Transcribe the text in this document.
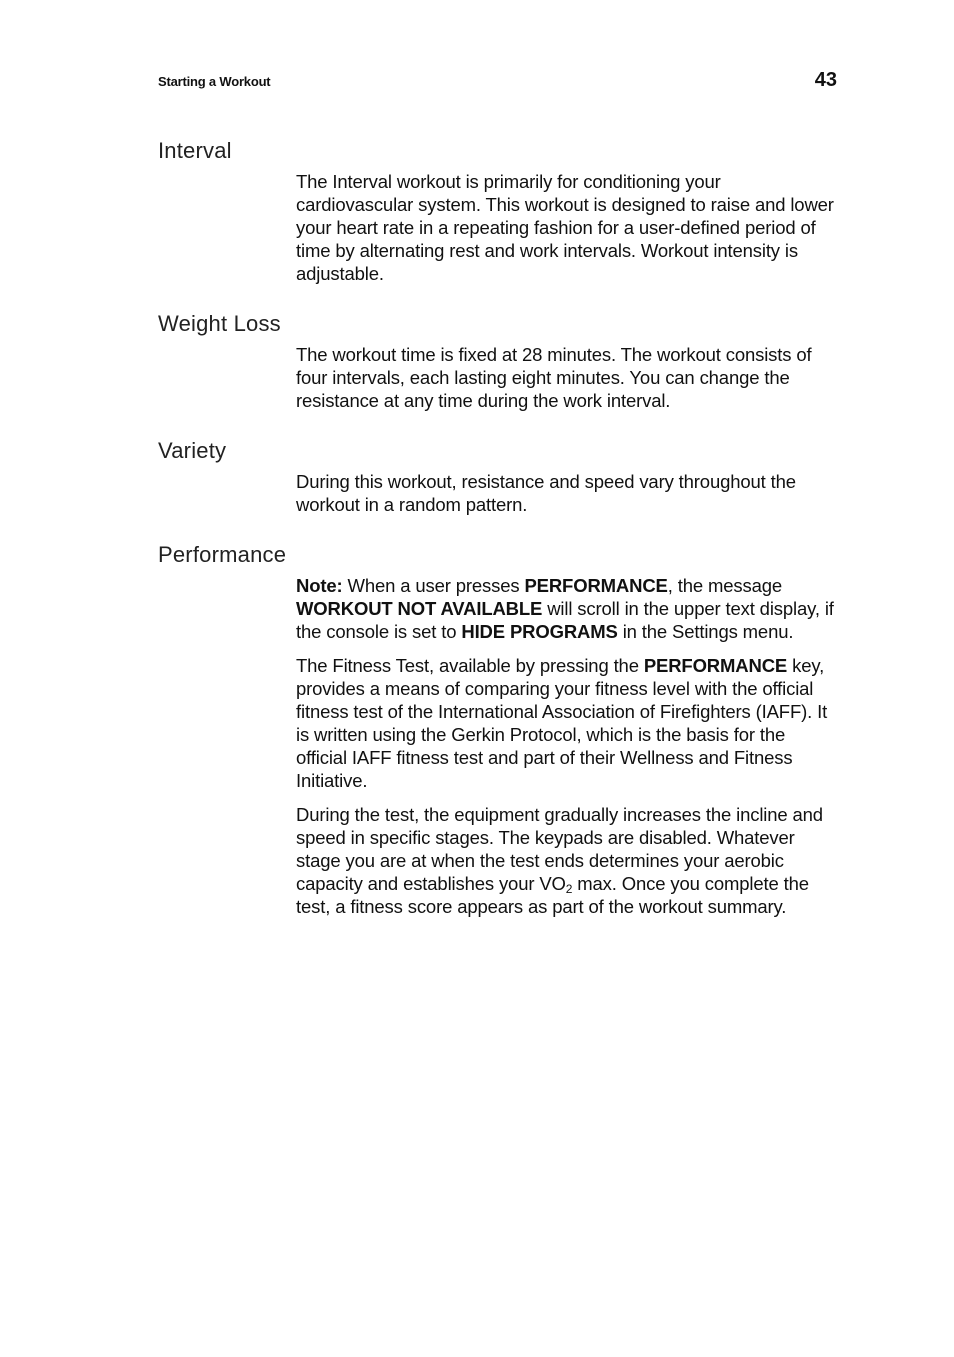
Starting a Workout	43
Interval

The Interval workout is primarily for conditioning your cardiovascular system. This workout is designed to raise and lower your heart rate in a repeating fashion for a user-defined period of time by alternating rest and work intervals. Workout intensity is adjustable.

Weight Loss

The workout time is fixed at 28 minutes. The workout consists of four intervals, each lasting eight minutes. You can change the resistance at any time during the work interval.

Variety

During this workout, resistance and speed vary throughout the workout in a random pattern.

Performance

Note: When a user presses PERFORMANCE, the message WORKOUT NOT AVAILABLE will scroll in the upper text display, if the console is set to HIDE PROGRAMS in the Settings menu.

The Fitness Test, available by pressing the PERFORMANCE key, provides a means of comparing your fitness level with the official fitness test of the International Association of Firefighters (IAFF). It is written using the Gerkin Protocol, which is the basis for the official IAFF fitness test and part of their Wellness and Fitness Initiative.

During the test, the equipment gradually increases the incline and speed in specific stages. The keypads are disabled. Whatever stage you are at when the test ends determines your aerobic capacity and establishes your $VO_2$ max. Once you complete the test, a fitness score appears as part of the workout summary.
